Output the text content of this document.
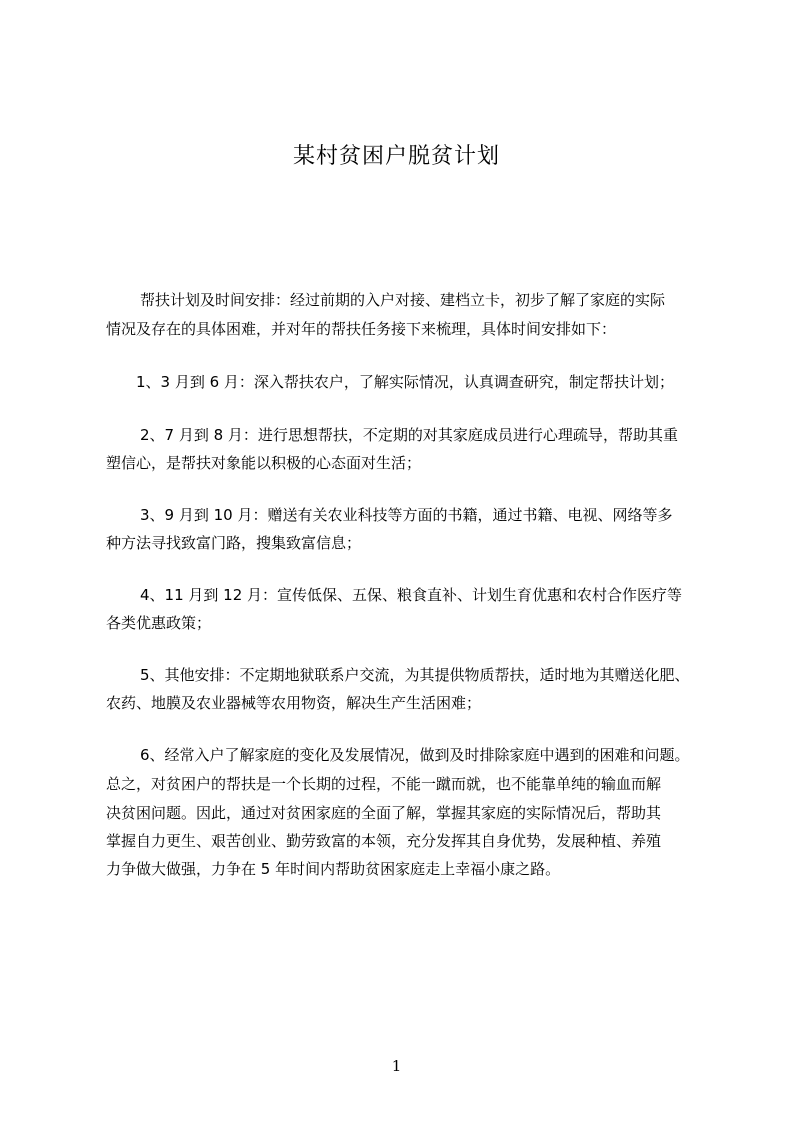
某村贫困户脱贫计划
帮扶计划及时间安排：经过前期的入户对接、建档立卡，初步了解了家庭的实际
情况及存在的具体困难，并对年的帮扶任务接下来梳理，具体时间安排如下：
1、3 月到 6 月：深入帮扶农户，了解实际情况，认真调查研究，制定帮扶计划；
2、7 月到 8 月：进行思想帮扶，不定期的对其家庭成员进行心理疏导，帮助其重
塑信心，是帮扶对象能以积极的心态面对生活；
3、9 月到 10 月：赠送有关农业科技等方面的书籍，通过书籍、电视、网络等多
种方法寻找致富门路，搜集致富信息；
4、11 月到 12 月：宣传低保、五保、粮食直补、计划生育优惠和农村合作医疗等
各类优惠政策；
5、其他安排：不定期地狱联系户交流，为其提供物质帮扶，适时地为其赠送化肥、
农药、地膜及农业器械等农用物资，解决生产生活困难；
6、经常入户了解家庭的变化及发展情况，做到及时排除家庭中遇到的困难和问题。
总之，对贫困户的帮扶是一个长期的过程，不能一蹴而就，也不能靠单纯的输血而解
决贫困问题。因此，通过对贫困家庭的全面了解，掌握其家庭的实际情况后，帮助其
掌握自力更生、艰苦创业、勤劳致富的本领，充分发挥其自身优势，发展种植、养殖
力争做大做强，力争在 5 年时间内帮助贫困家庭走上幸福小康之路。
1
